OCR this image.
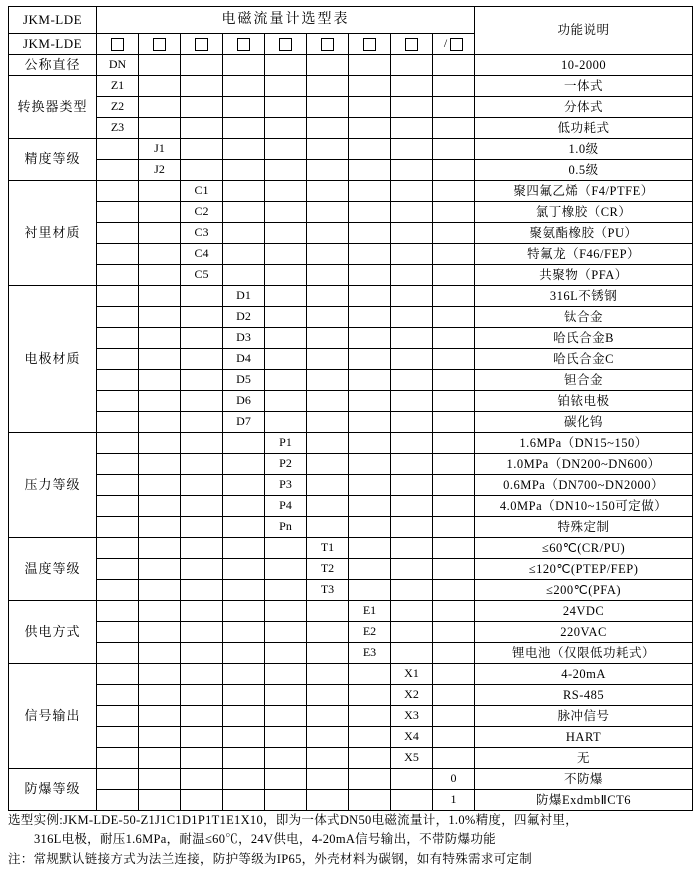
JKM-LDE	电磁流量计选型表									功能说明
JKM-LDE									/	
公称直径	DN									10-2000
转换器类型	Z1									一体式
	Z2									分体式
	Z3									低功耗式
精度等级		J1								1.0级
		J2								0.5级
衬里材质			C1							聚四氟乙烯（F4/PTFE）
			C2							氯丁橡胶（CR）
			C3							聚氨酯橡胶（PU）
			C4							特氟龙（F46/FEP）
			C5							共聚物（PFA）
电极材质				D1						316L不锈钢
				D2						钛合金
				D3						哈氏合金B
				D4						哈氏合金C
				D5						钽合金
				D6						铂铱电极
				D7						碳化钨
压力等级					P1					1.6MPa（DN15~150）
					P2					1.0MPa（DN200~DN600）
					P3					0.6MPa（DN700~DN2000）
					P4					4.0MPa（DN10~150可定做）
					Pn					特殊定制
温度等级						T1				≤60℃(CR/PU)
						T2				≤120℃(PTEP/FEP)
						T3				≤200℃(PFA)
供电方式							E1			24VDC
							E2			220VAC
							E3			锂电池（仅限低功耗式）
信号输出								X1		4-20mA
								X2		RS-485
								X3		脉冲信号
								X4		HART
								X5		无
防爆等级									0	不防爆
									1	防爆ExdmbⅡCT6
选型实例:JKM-LDE-50-Z1J1C1D1P1T1E1X10，即为一体式DN50电磁流量计，1.0%精度，四氟衬里，
316L电极，耐压1.6MPa，耐温≤60℃，24V供电，4-20mA信号输出，不带防爆功能
注：常规默认链接方式为法兰连接，防护等级为IP65，外壳材料为碳钢，如有特殊需求可定制
